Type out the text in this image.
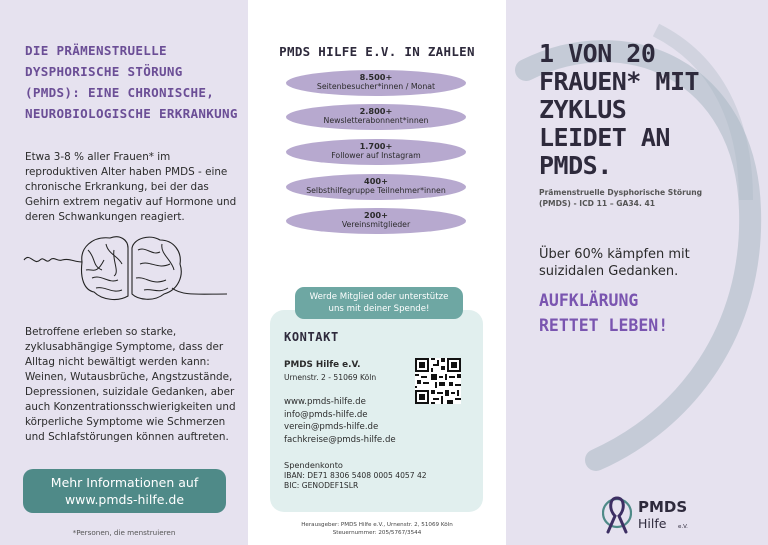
DIE PRÄMENSTRUELLE DYSPHORISCHE STÖRUNG (PMDS): EINE CHRONISCHE, NEUROBIOLOGISCHE ERKRANKUNG
Etwa 3-8 % aller Frauen* im reproduktiven Alter haben PMDS - eine chronische Erkrankung, bei der das Gehirn extrem negativ auf Hormone und deren Schwankungen reagiert.
Betroffene erleben so starke, zyklusabhängige Symptome, dass der Alltag nicht bewältigt werden kann: Weinen, Wutausbrüche, Angstzustände, Depressionen, suizidale Gedanken, aber auch Konzentrationsschwierigkeiten und körperliche Symptome wie Schmerzen und Schlafstörungen können auftreten.
Mehr Informationen auf
www.pmds-hilfe.de
*Personen, die menstruieren
PMDS HILFE E.V. IN ZAHLEN
8.500+
Seitenbesucher*innen / Monat
2.800+
Newsletterabonnent*innen
1.700+
Follower auf Instagram
400+
Selbsthilfegruppe Teilnehmer*innen
200+
Vereinsmitglieder
Werde Mitglied oder unterstütze
uns mit deiner Spende!
KONTAKT
PMDS Hilfe e.V.
Urnenstr. 2 - 51069 Köln
www.pmds-hilfe.de
info@pmds-hilfe.de
verein@pmds-hilfe.de
fachkreise@pmds-hilfe.de
Spendenkonto
IBAN: DE71 8306 5408 0005 4057 42
BIC: GENODEF1SLR
Herausgeber: PMDS Hilfe e.V., Urnenstr. 2, 51069 Köln
Steuernummer: 205/5767/3544
1 VON 20
FRAUEN* MIT
ZYKLUS
LEIDET AN
PMDS.
Prämenstruelle Dysphorische Störung
(PMDS) - ICD 11 – GA34. 41
Über 60% kämpfen mit suizidalen Gedanken.
AUFKLÄRUNG
RETTET LEBEN!
PMDS
Hilfe e.V.
